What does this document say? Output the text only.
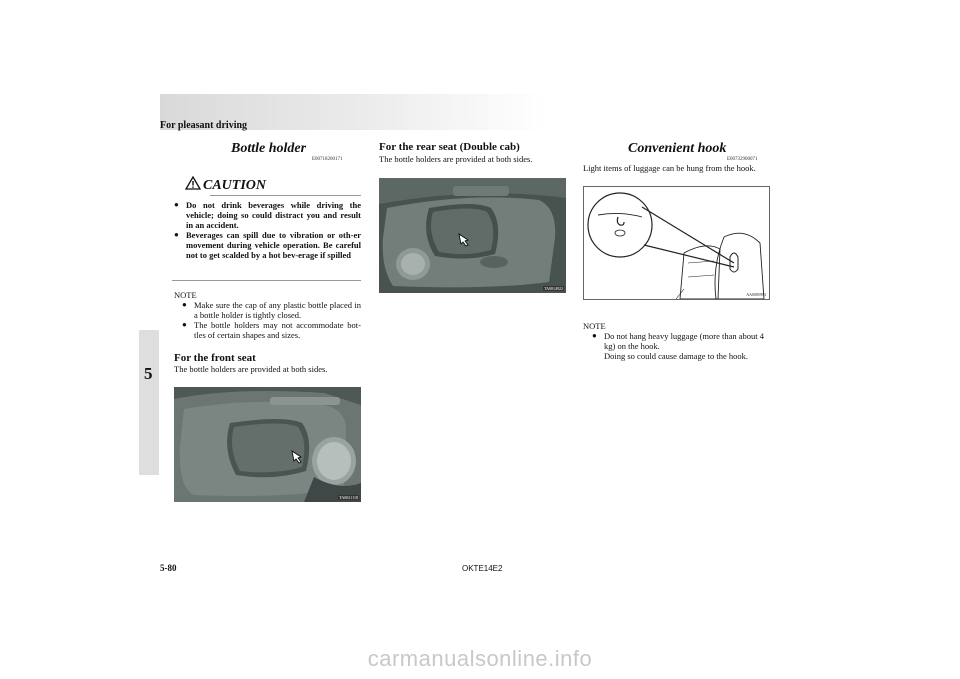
For pleasant driving
5
Bottle holder
E00718200171
CAUTION
● Do not drink beverages while driving the vehicle; doing so could distract you and result in an accident.
● Beverages can spill due to vibration or oth-er movement during vehicle operation. Be careful not to get scalded by a hot bev-erage if spilled
NOTE
● Make sure the cap of any plastic bottle placed in a bottle holder is tightly closed.
● The bottle holders may not accommodate bot-tles of certain shapes and sizes.
For the front seat
The bottle holders are provided at both sides.
TA0021118
For the rear seat (Double cab)
The bottle holders are provided at both sides.
TA0014922
Convenient hook
E00732900071
Light items of luggage can be hung from the hook.
AA0085993
NOTE
● Do not hang heavy luggage (more than about 4 kg) on the hook.
Doing so could cause damage to the hook.
5-80	OKTE14E2
carmanualsonline.info
